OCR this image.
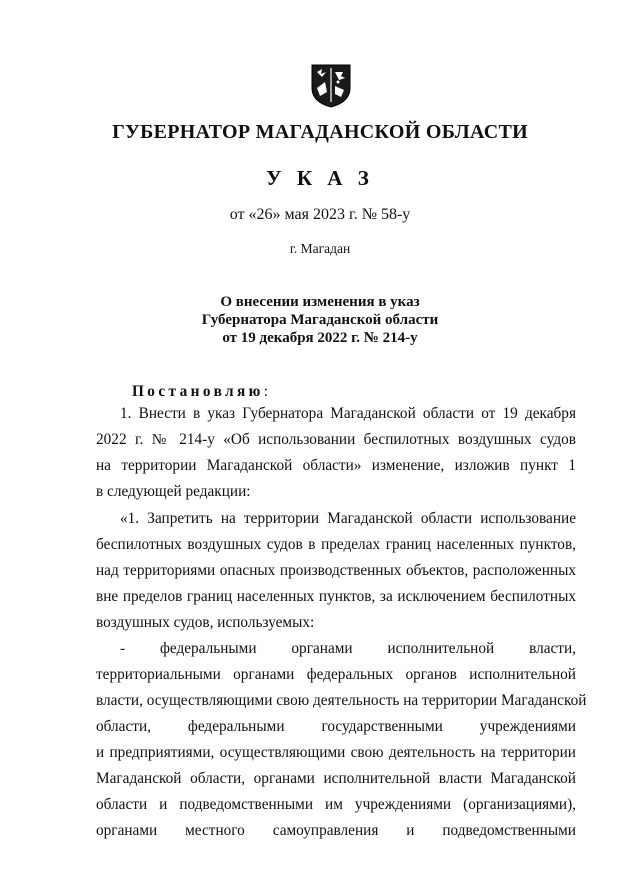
ГУБЕРНАТОР МАГАДАНСКОЙ ОБЛАСТИ
У К А З
от «26» мая 2023 г. № 58-у
г. Магадан
О внесении изменения в указ
Губернатора Магаданской области
от 19 декабря 2022 г. № 214-у
Постановляю:
1. Внести в указ Губернатора Магаданской области от 19 декабря
2022 г. № 214-у «Об использовании беспилотных воздушных судов
на территории Магаданской области» изменение, изложив пункт 1
в следующей редакции:
«1. Запретить на территории Магаданской области использование
беспилотных воздушных судов в пределах границ населенных пунктов,
над территориями опасных производственных объектов, расположенных
вне пределов границ населенных пунктов, за исключением беспилотных
воздушных судов, используемых:
- федеральными органами исполнительной власти,
территориальными органами федеральных органов исполнительной
власти, осуществляющими свою деятельность на территории Магаданской
области, федеральными государственными учреждениями
и предприятиями, осуществляющими свою деятельность на территории
Магаданской области, органами исполнительной власти Магаданской
области и подведомственными им учреждениями (организациями),
органами местного самоуправления и подведомственными
